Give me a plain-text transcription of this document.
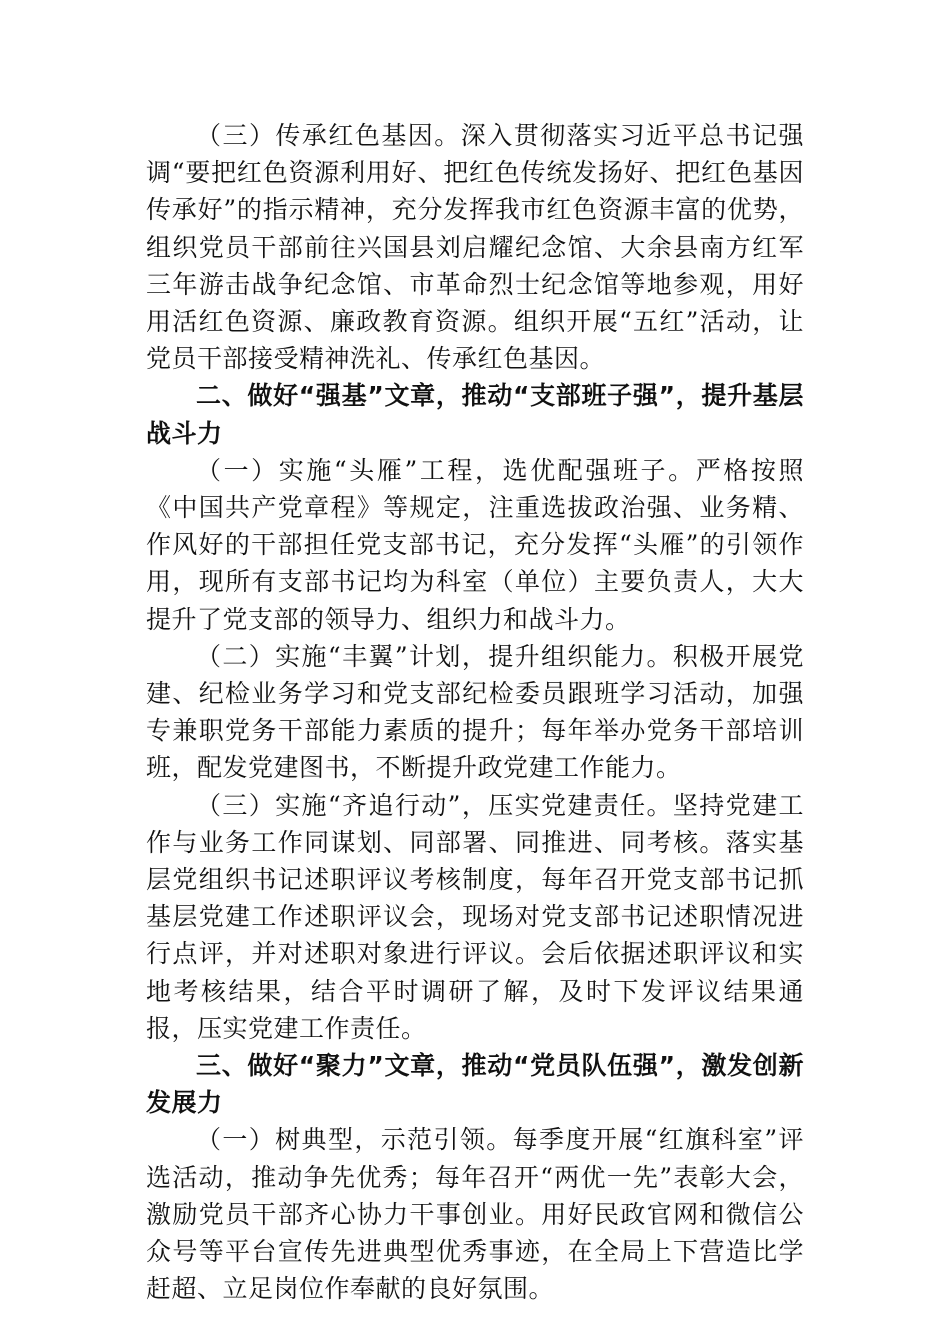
（三）传承红色基因。深入贯彻落实习近平总书记强调“要把红色资源利用好、把红色传统发扬好、把红色基因传承好”的指示精神，充分发挥我市红色资源丰富的优势，组织党员干部前往兴国县刘启耀纪念馆、大余县南方红军三年游击战争纪念馆、市革命烈士纪念馆等地参观，用好用活红色资源、廉政教育资源。组织开展“五红”活动，让党员干部接受精神洗礼、传承红色基因。

二、做好“强基”文章，推动“支部班子强”，提升基层战斗力

（一）实施“头雁”工程，选优配强班子。严格按照《中国共产党章程》等规定，注重选拔政治强、业务精、作风好的干部担任党支部书记，充分发挥“头雁”的引领作用，现所有支部书记均为科室（单位）主要负责人，大大提升了党支部的领导力、组织力和战斗力。

（二）实施“丰翼”计划，提升组织能力。积极开展党建、纪检业务学习和党支部纪检委员跟班学习活动，加强专兼职党务干部能力素质的提升；每年举办党务干部培训班，配发党建图书，不断提升政党建工作能力。

（三）实施“齐追行动”，压实党建责任。坚持党建工作与业务工作同谋划、同部署、同推进、同考核。落实基层党组织书记述职评议考核制度，每年召开党支部书记抓基层党建工作述职评议会，现场对党支部书记述职情况进行点评，并对述职对象进行评议。会后依据述职评议和实地考核结果，结合平时调研了解，及时下发评议结果通报，压实党建工作责任。

三、做好“聚力”文章，推动“党员队伍强”，激发创新发展力

（一）树典型，示范引领。每季度开展“红旗科室”评选活动，推动争先优秀；每年召开“两优一先”表彰大会，激励党员干部齐心协力干事创业。用好民政官网和微信公众号等平台宣传先进典型优秀事迹，在全局上下营造比学赶超、立足岗位作奉献的良好氛围。
